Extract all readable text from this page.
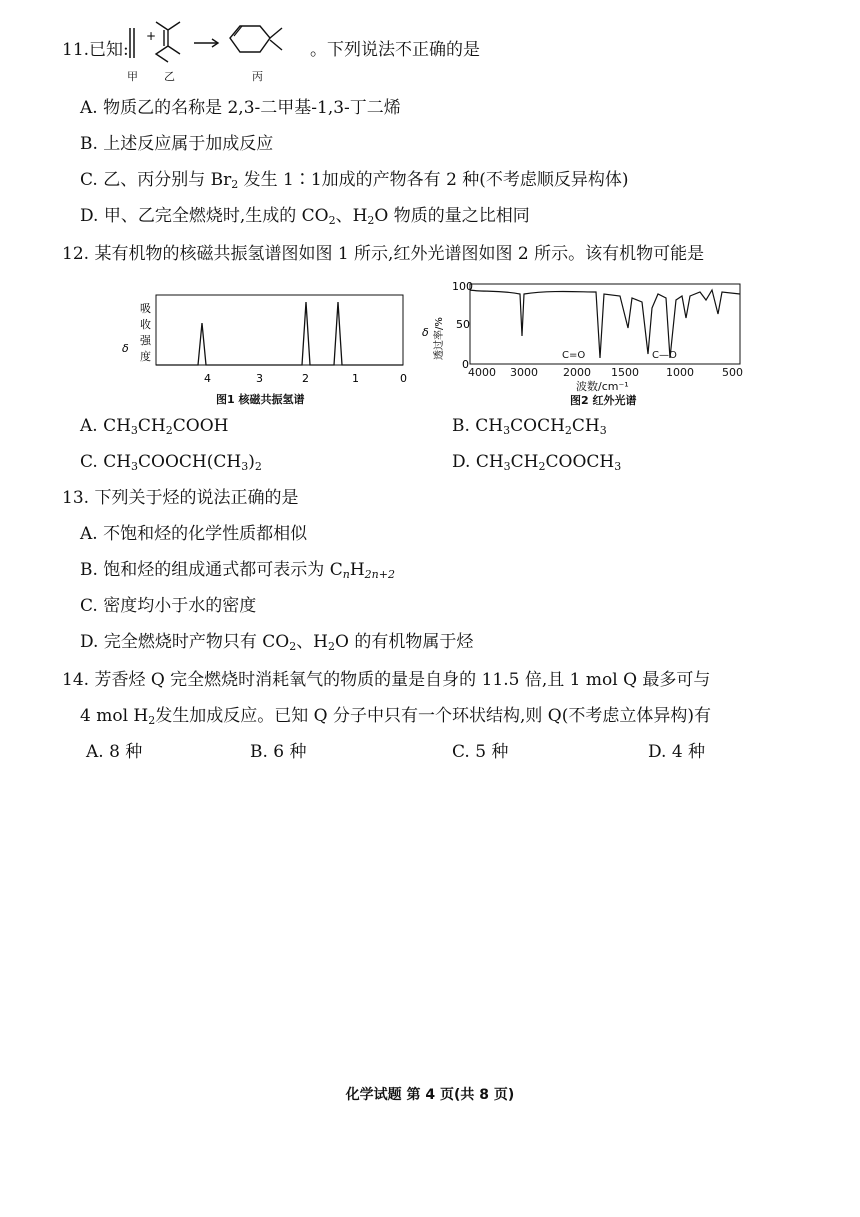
11.已知:
+
甲 乙	丙
。下列说法不正确的是
A. 物质乙的名称是 2,3-二甲基-1,3-丁二烯
B. 上述反应属于加成反应
C. 乙、丙分别与 $Br_2$ 发生 1∶1加成的产物各有 2 种(不考虑顺反异构体)
D. 甲、乙完全燃烧时,生成的 $CO_2$、$H_2O$ 物质的量之比相同
12. 某有机物的核磁共振氢谱图如图 1 所示,红外光谱图如图 2 所示。该有机物可能是
δ
吸
收
强
度
4	3	2	1	0
图1 核磁共振氢谱
δ 透过率/%
100
50
0
C=O	C—O
4000 3000 2000 1500 1000	500
波数/cm⁻¹
图2 红外光谱
A. $CH_3CH_2COOH$	B. $CH_3COCH_2CH_3$
C. $CH_3COOCH(CH_3)_2$	D. $CH_3CH_2COOCH_3$
13. 下列关于烃的说法正确的是
A. 不饱和烃的化学性质都相似
B. 饱和烃的组成通式都可表示为 $C_nH_{2n+2}$
C. 密度均小于水的密度
D. 完全燃烧时产物只有 $CO_2$、$H_2O$ 的有机物属于烃
14. 芳香烃 Q 完全燃烧时消耗氧气的物质的量是自身的 11.5 倍,且 1 mol Q 最多可与
4 mol $H_2$发生加成反应。已知 Q 分子中只有一个环状结构,则 Q(不考虑立体异构)有
A. 8 种	B. 6 种	C. 5 种	D. 4 种
化学试题 第 4 页(共 8 页)
